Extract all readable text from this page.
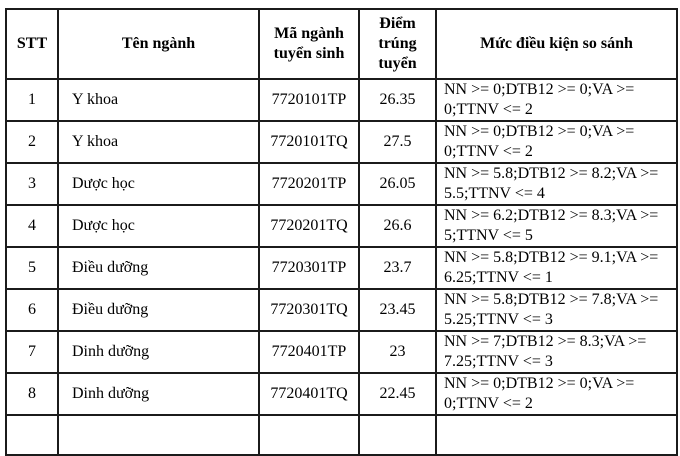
STT	Tên ngành	Mã ngành tuyển sinh	Điểm trúng tuyển	Mức điều kiện so sánh
1	Y khoa	7720101TP	26.35	NN >= 0;DTB12 >= 0;VA >= 0;TTNV <= 2
2	Y khoa	7720101TQ	27.5	NN >= 0;DTB12 >= 0;VA >= 0;TTNV <= 2
3	Dược học	7720201TP	26.05	NN >= 5.8;DTB12 >= 8.2;VA >= 5.5;TTNV <= 4
4	Dược học	7720201TQ	26.6	NN >= 6.2;DTB12 >= 8.3;VA >= 5;TTNV <= 5
5	Điều dưỡng	7720301TP	23.7	NN >= 5.8;DTB12 >= 9.1;VA >= 6.25;TTNV <= 1
6	Điều dưỡng	7720301TQ	23.45	NN >= 5.8;DTB12 >= 7.8;VA >= 5.25;TTNV <= 3
7	Dinh dưỡng	7720401TP	23	NN >= 7;DTB12 >= 8.3;VA >= 7.25;TTNV <= 3
8	Dinh dưỡng	7720401TQ	22.45	NN >= 0;DTB12 >= 0;VA >= 0;TTNV <= 2
